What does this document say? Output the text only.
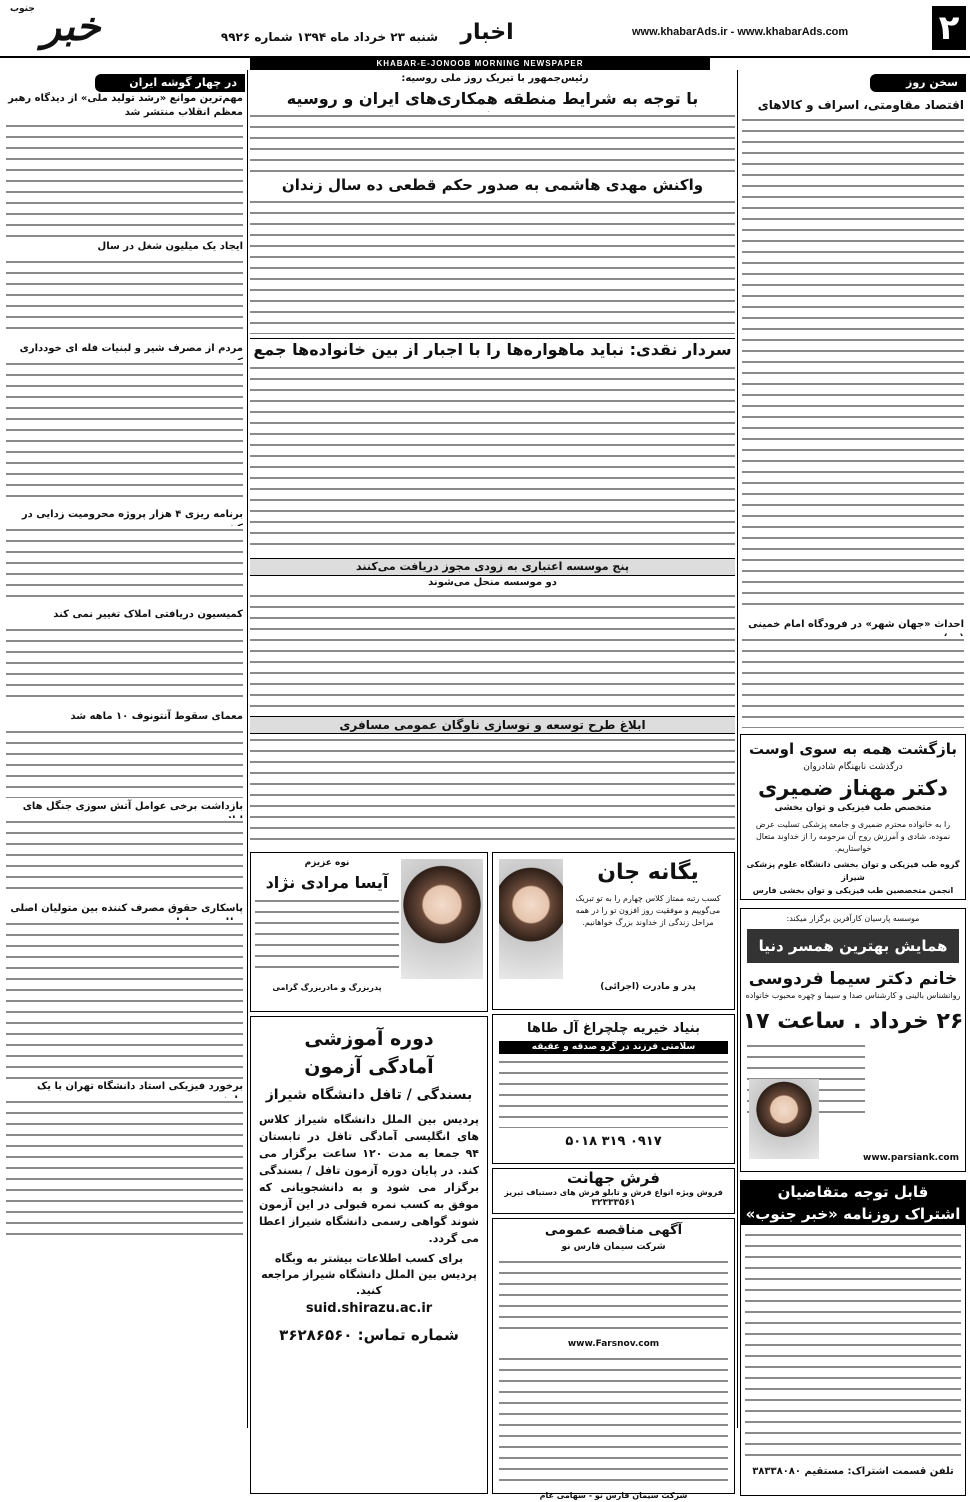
۲
www.khabarAds.ir - www.khabarAds.com
اخبار
شنبه ۲۳ خرداد ماه ۱۳۹۴ شماره ۹۹۲۶
جنوب خبر
KHABAR-E-JONOOB MORNING NEWSPAPER
سخن روز
اقتصاد مقاومتی، اسراف و کالاهای
احداث «جهان شهر» در فرودگاه امام خمینی
بازگشت همه به سوی اوست
درگذشت نابهنگام شادروان
دکتر مهناز ضمیری
متخصص طب فیزیکی و توان بخشی
را به خانواده محترم ضمیری و جامعه پزشکی تسلیت عرض نموده، شادی و آمرزش روح آن مرحومه را از خداوند متعال خواستاریم.
گروه طب فیزیکی و توان بخشی دانشگاه علوم پزشکی شیراز
انجمن متخصصین طب فیزیکی و توان بخشی فارس
موسسه پارسیان کارآفرین برگزار میکند:
همایش بهترین همسر دنیا
خانم دکتر سیما فردوسی
روانشناس بالینی و کارشناس صدا و سیما و چهره محبوب خانواده
۲۶ خرداد . ساعت ۱۷
www.parsiank.com
قابل توجه متقاضیان
اشتراک روزنامه «خبر جنوب»
تلفن قسمت اشتراک: مستقیم ۳۸۳۳۸۰۸۰
رئیس‌جمهور با تبریک روز ملی روسیه:
با توجه به شرایط منطقه همکاری‌های ایران و روسیه
واکنش مهدی هاشمی به صدور حکم قطعی ده سال زندان
سردار نقدی: نباید ماهواره‌ها را با اجبار از بین خانواده‌ها جمع
پنج موسسه اعتباری به زودی مجوز دریافت می‌کنند
دو موسسه منحل می‌شوند
ابلاغ طرح توسعه و نوسازی ناوگان عمومی مسافری
یگانه جان
کسب رتبه ممتاز کلاس چهارم را به تو تبریک می‌گوییم و موفقیت روز افزون تو را در همه مراحل زندگی از خداوند بزرگ خواهانیم.
پدر و مادرت (اجرائی)
نوه عزیزم
آیسا مرادی نژاد
پدربزرگ و مادربزرگ گرامی
بنیاد خیریه چلچراغ آل طاها
سلامتی فرزند در گرو صدقه و عقیقه
۰۹۱۷ ۳۱۹ ۵۰۱۸
فرش جهانت
فروش ویژه انواع فرش و تابلو فرش های دستباف تبریز
۳۲۳۳۳۵۶۱
آگهی مناقصه عمومی
شرکت سیمان فارس نو
www.Farsnov.com
شرکت سیمان فارس نو - سهامی عام
دوره آموزشی
آمادگی آزمون
بسندگی / تافل دانشگاه شیراز
پردیس بین الملل دانشگاه شیراز کلاس های انگلیسی آمادگی تافل در تابستان ۹۴ جمعا به مدت ۱۲۰ ساعت برگزار می کند. در پایان دوره آزمون تافل / بسندگی برگزار می شود و به دانشجویانی که موفق به کسب نمره قبولی در این آزمون شوند گواهی رسمی دانشگاه شیراز اعطا می گردد.
برای کسب اطلاعات بیشتر به وبگاه پردیس بین الملل دانشگاه شیراز مراجعه کنید.
suid.shirazu.ac.ir
شماره تماس: ۳۶۲۸۶۵۶۰
در چهار گوشه ایران
مهم‌ترین موانع «رشد تولید ملی» از دیدگاه رهبر معظم انقلاب منتشر شد
ایجاد یک میلیون شغل در سال
مردم از مصرف شیر و لبنیات فله ای خودداری
برنامه ریزی ۴ هزار پروژه محرومیت زدایی در
کمیسیون دریافتی املاک تغییر نمی کند
معمای سقوط آنتونوف ۱۰ ماهه شد
بازداشت برخی عوامل آتش سوزی جنگل های
پاسکاری حقوق مصرف کننده بین متولیان اصلی
برخورد فیزیکی استاد دانشگاه تهران با یک
